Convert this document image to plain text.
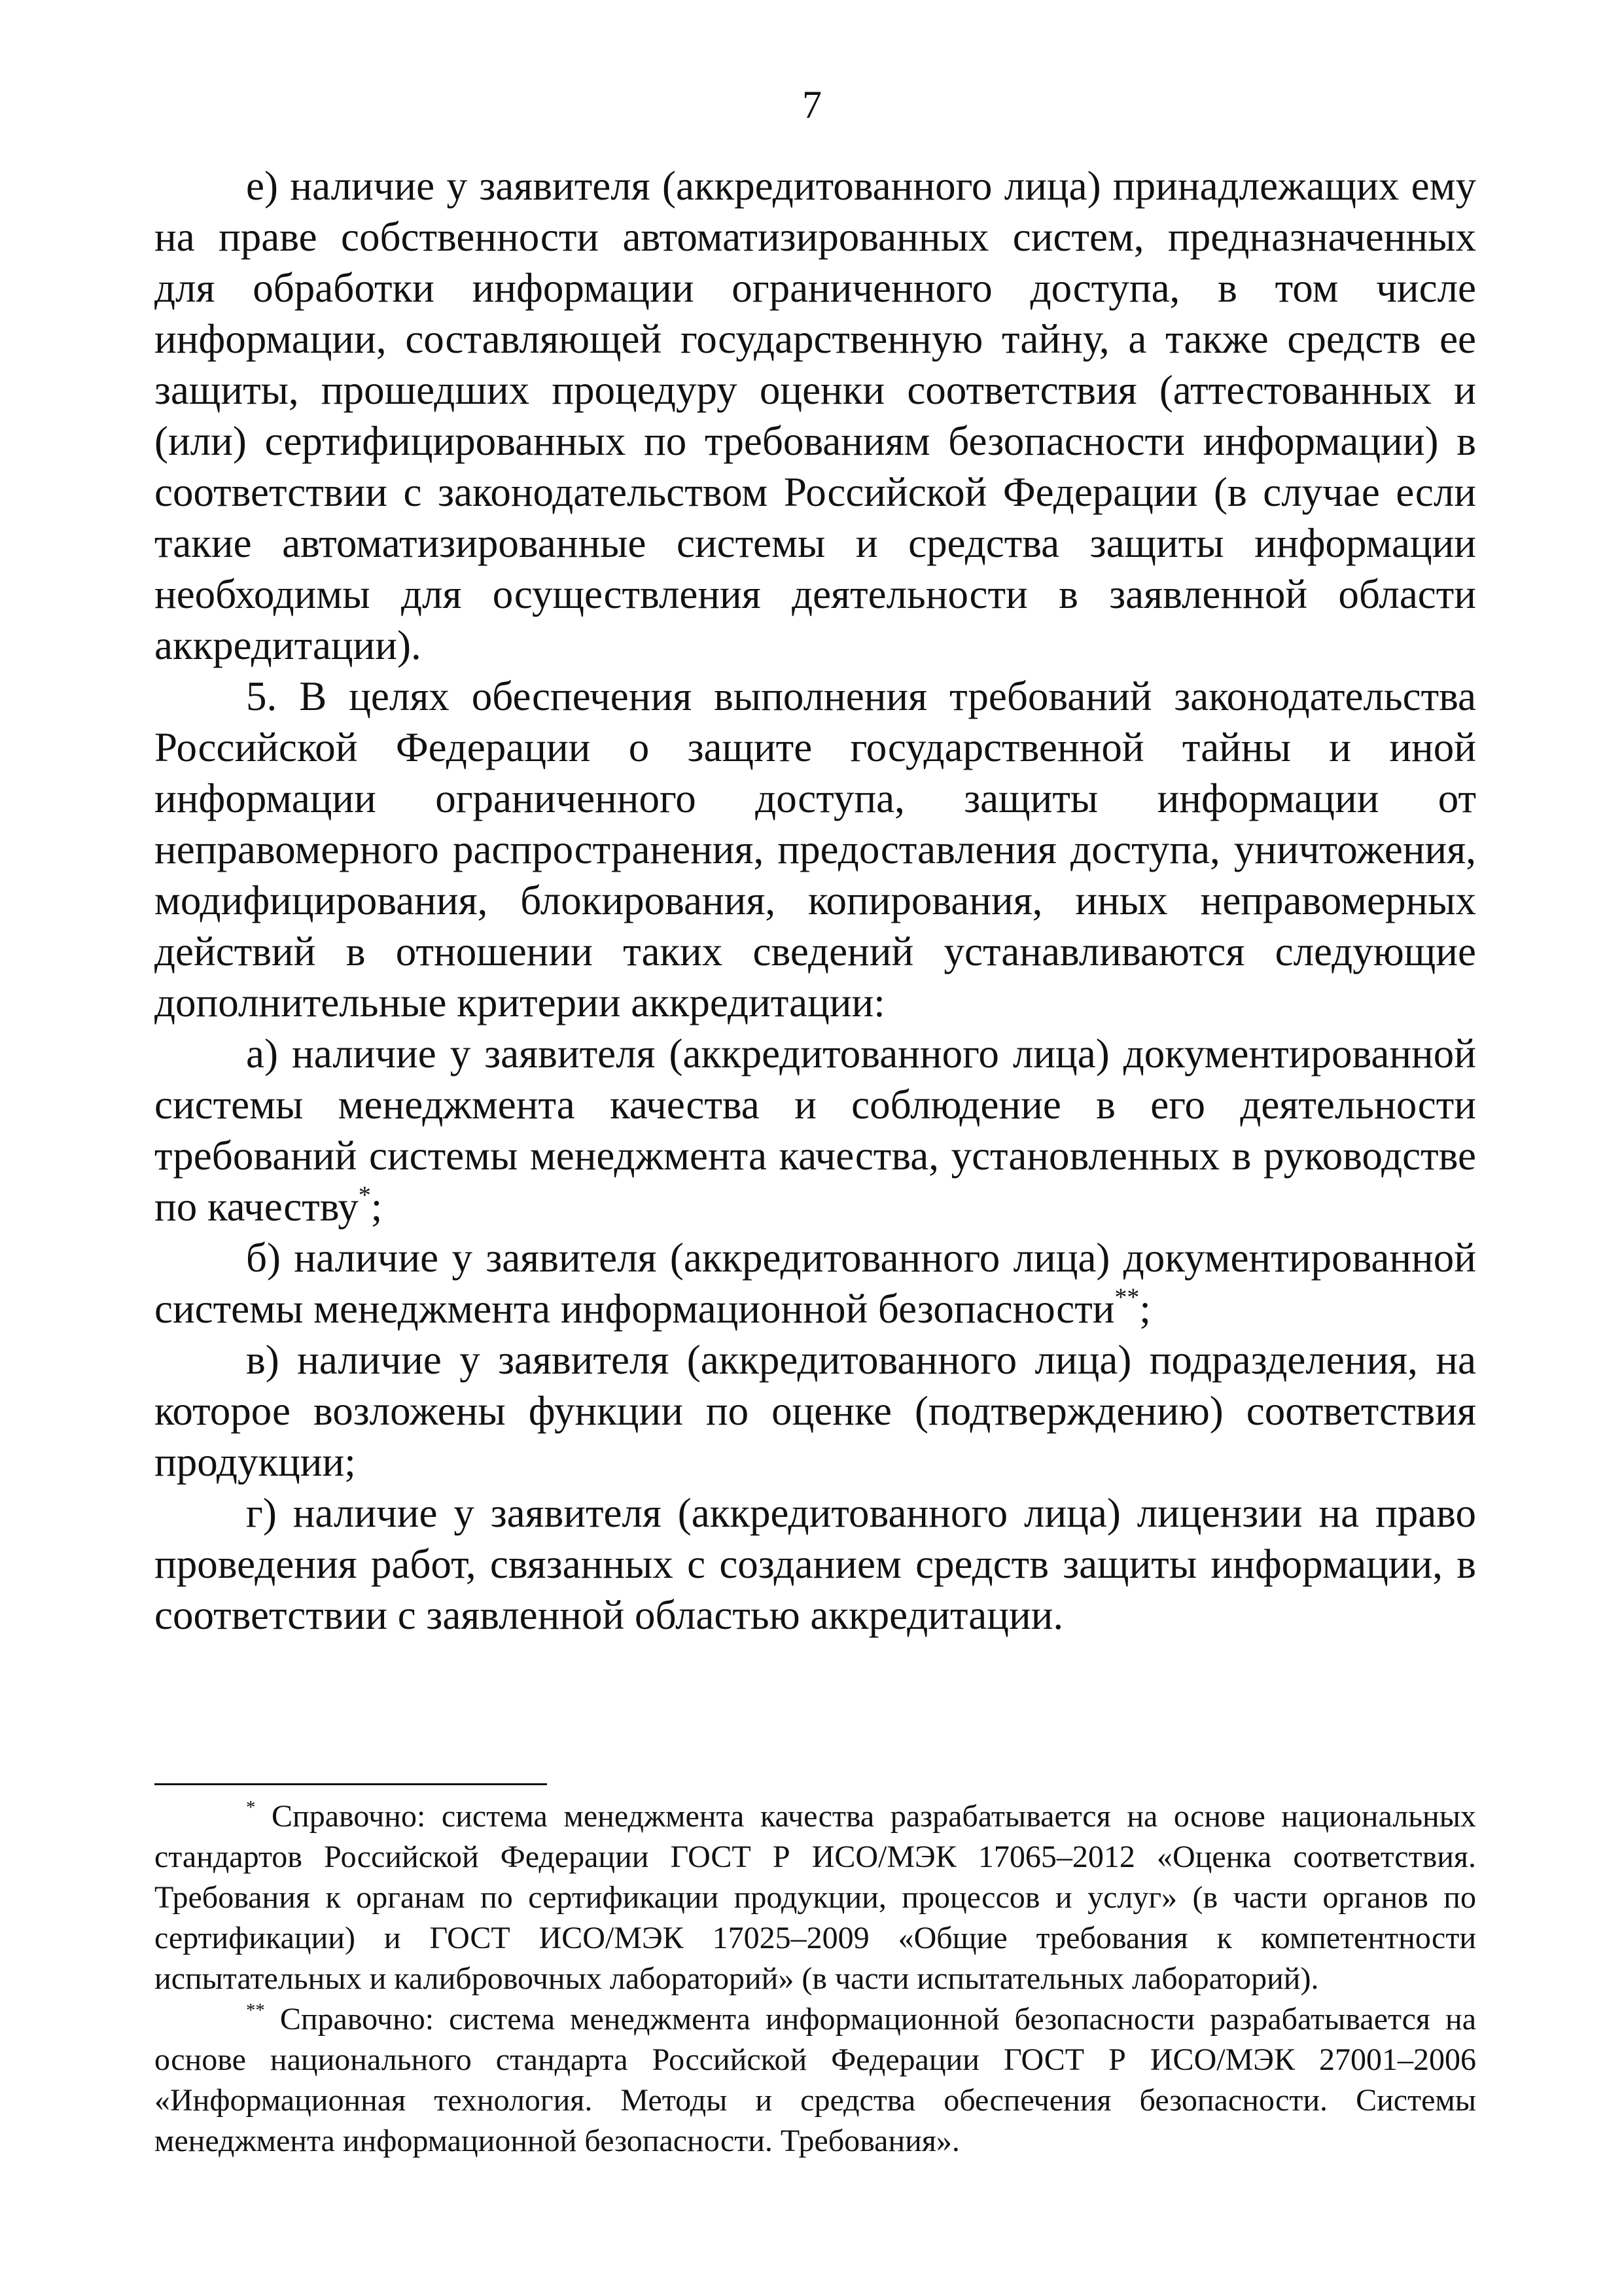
7

е) наличие у заявителя (аккредитованного лица) принадлежащих ему на праве собственности автоматизированных систем, предназначенных для обработки информации ограниченного доступа, в том числе информации, составляющей государственную тайну, а также средств ее защиты, прошедших процедуру оценки соответствия (аттестованных и (или) сертифицированных по требованиям безопасности информации) в соответствии с законодательством Российской Федерации (в случае если такие автоматизированные системы и средства защиты информации необходимы для осуществления деятельности в заявленной области аккредитации).

5. В целях обеспечения выполнения требований законодательства Российской Федерации о защите государственной тайны и иной информации ограниченного доступа, защиты информации от неправомерного распространения, предоставления доступа, уничтожения, модифицирования, блокирования, копирования, иных неправомерных действий в отношении таких сведений устанавливаются следующие дополнительные критерии аккредитации:

а) наличие у заявителя (аккредитованного лица) документированной системы менеджмента качества и соблюдение в его деятельности требований системы менеджмента качества, установленных в руководстве по качеству*;

б) наличие у заявителя (аккредитованного лица) документированной системы менеджмента информационной безопасности**;

в) наличие у заявителя (аккредитованного лица) подразделения, на которое возложены функции по оценке (подтверждению) соответствия продукции;

г) наличие у заявителя (аккредитованного лица) лицензии на право проведения работ, связанных с созданием средств защиты информации, в соответствии с заявленной областью аккредитации.

* Справочно: система менеджмента качества разрабатывается на основе национальных стандартов Российской Федерации ГОСТ Р ИСО/МЭК 17065–2012 «Оценка соответствия. Требования к органам по сертификации продукции, процессов и услуг» (в части органов по сертификации) и ГОСТ ИСО/МЭК 17025–2009 «Общие требования к компетентности испытательных и калибровочных лабораторий» (в части испытательных лабораторий).

** Справочно: система менеджмента информационной безопасности разрабатывается на основе национального стандарта Российской Федерации ГОСТ Р ИСО/МЭК 27001–2006 «Информационная технология. Методы и средства обеспечения безопасности. Системы менеджмента информационной безопасности. Требования».
